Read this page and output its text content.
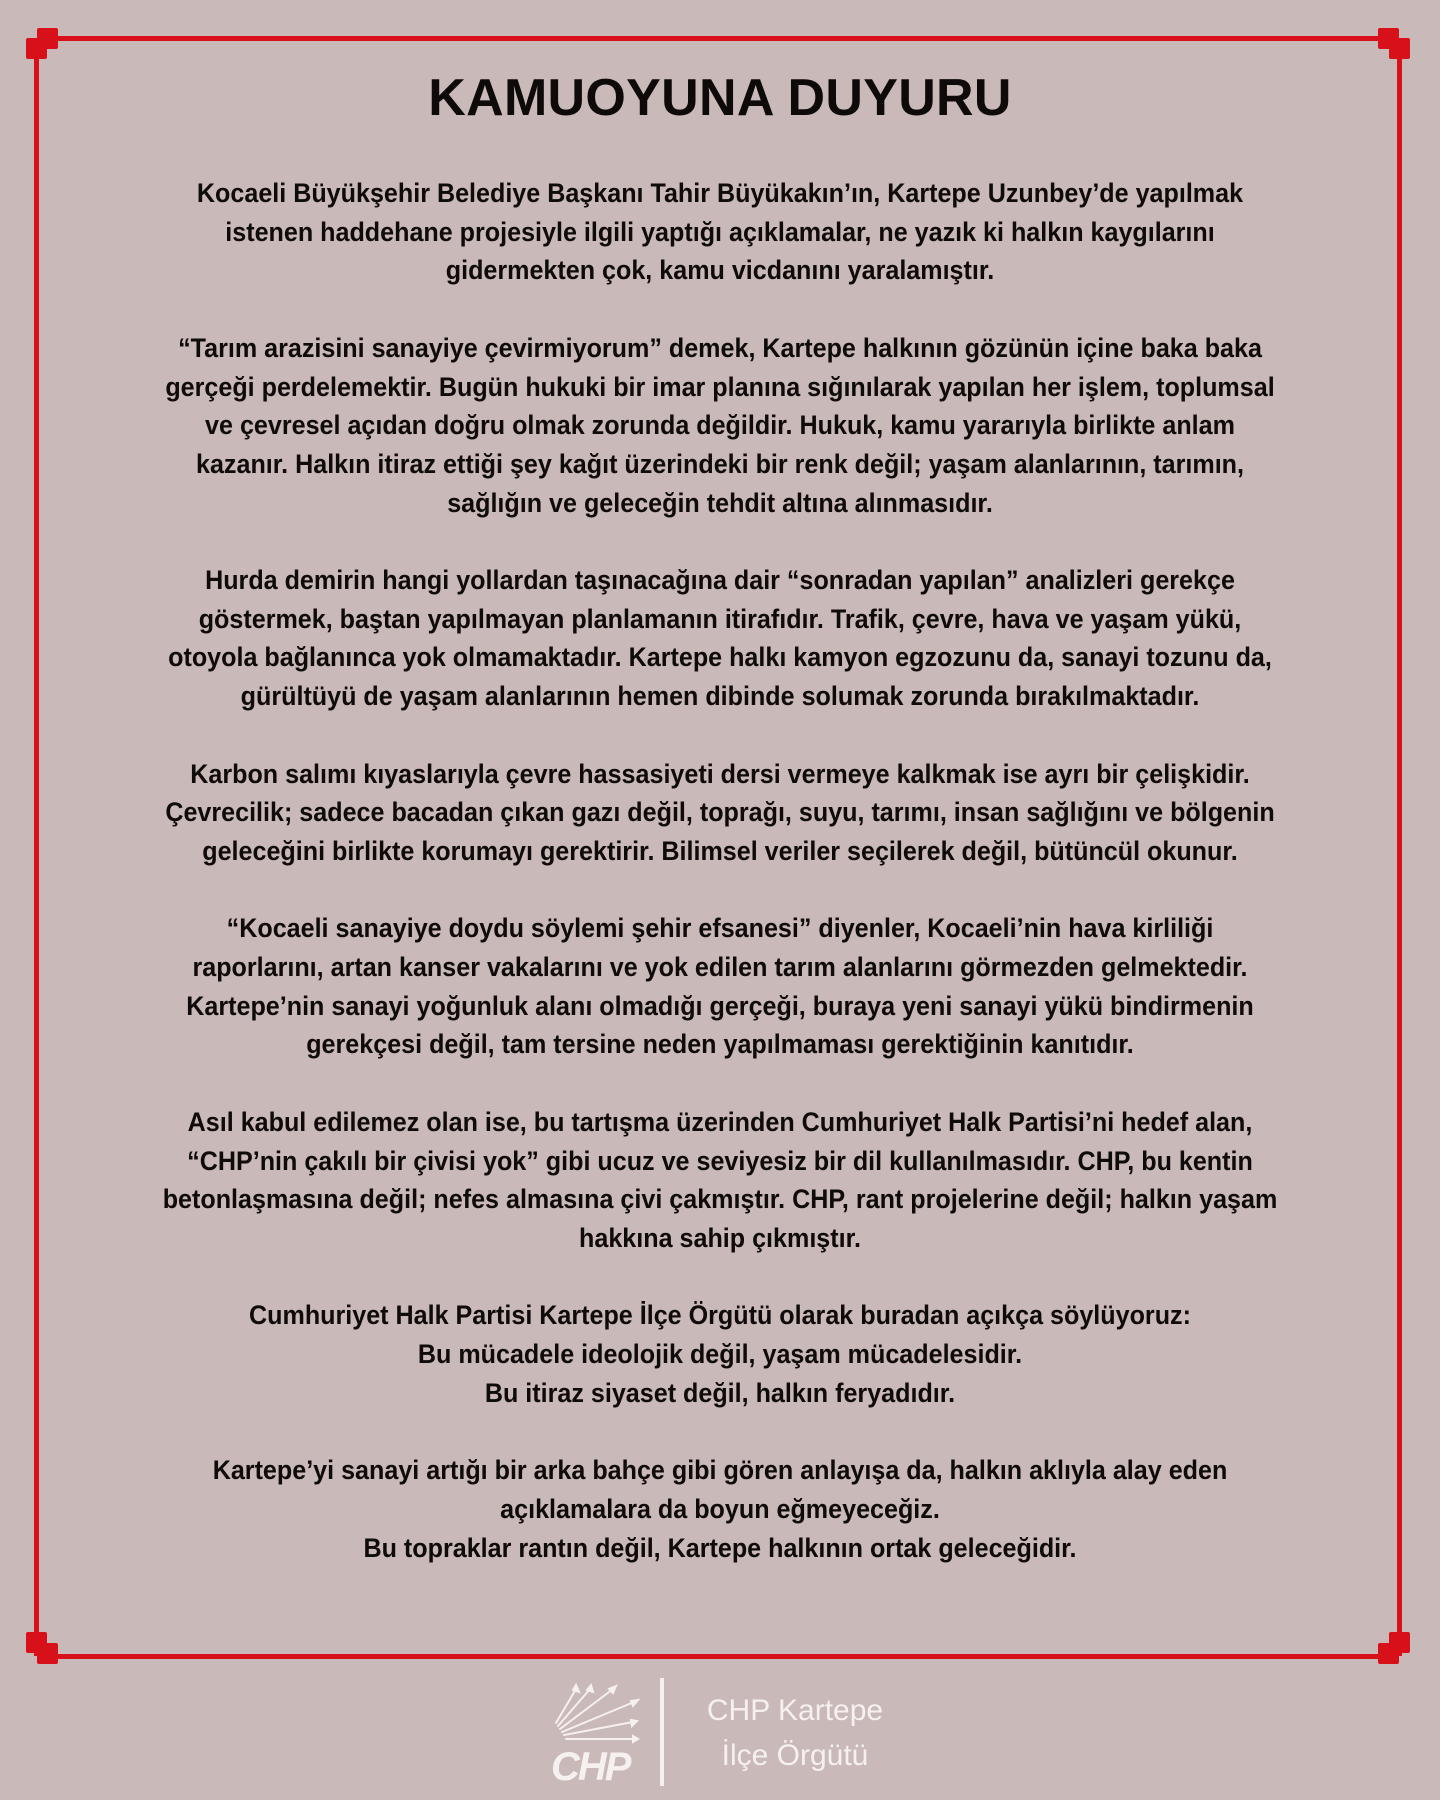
KAMUOYUNA DUYURU
Kocaeli Büyükşehir Belediye Başkanı Tahir Büyükakın’ın, Kartepe Uzunbey’de yapılmak
istenen haddehane projesiyle ilgili yaptığı açıklamalar, ne yazık ki halkın kaygılarını
gidermekten çok, kamu vicdanını yaralamıştır.
“Tarım arazisini sanayiye çevirmiyorum” demek, Kartepe halkının gözünün içine baka baka
gerçeği perdelemektir. Bugün hukuki bir imar planına sığınılarak yapılan her işlem, toplumsal
ve çevresel açıdan doğru olmak zorunda değildir. Hukuk, kamu yararıyla birlikte anlam
kazanır. Halkın itiraz ettiği şey kağıt üzerindeki bir renk değil; yaşam alanlarının, tarımın,
sağlığın ve geleceğin tehdit altına alınmasıdır.
Hurda demirin hangi yollardan taşınacağına dair “sonradan yapılan” analizleri gerekçe
göstermek, baştan yapılmayan planlamanın itirafıdır. Trafik, çevre, hava ve yaşam yükü,
otoyola bağlanınca yok olmamaktadır. Kartepe halkı kamyon egzozunu da, sanayi tozunu da,
gürültüyü de yaşam alanlarının hemen dibinde solumak zorunda bırakılmaktadır.
Karbon salımı kıyaslarıyla çevre hassasiyeti dersi vermeye kalkmak ise ayrı bir çelişkidir.
Çevrecilik; sadece bacadan çıkan gazı değil, toprağı, suyu, tarımı, insan sağlığını ve bölgenin
geleceğini birlikte korumayı gerektirir. Bilimsel veriler seçilerek değil, bütüncül okunur.
“Kocaeli sanayiye doydu söylemi şehir efsanesi” diyenler, Kocaeli’nin hava kirliliği
raporlarını, artan kanser vakalarını ve yok edilen tarım alanlarını görmezden gelmektedir.
Kartepe’nin sanayi yoğunluk alanı olmadığı gerçeği, buraya yeni sanayi yükü bindirmenin
gerekçesi değil, tam tersine neden yapılmaması gerektiğinin kanıtıdır.
Asıl kabul edilemez olan ise, bu tartışma üzerinden Cumhuriyet Halk Partisi’ni hedef alan,
“CHP’nin çakılı bir çivisi yok” gibi ucuz ve seviyesiz bir dil kullanılmasıdır. CHP, bu kentin
betonlaşmasına değil; nefes almasına çivi çakmıştır. CHP, rant projelerine değil; halkın yaşam
hakkına sahip çıkmıştır.
Cumhuriyet Halk Partisi Kartepe İlçe Örgütü olarak buradan açıkça söylüyoruz:
Bu mücadele ideolojik değil, yaşam mücadelesidir.
Bu itiraz siyaset değil, halkın feryadıdır.
Kartepe’yi sanayi artığı bir arka bahçe gibi gören anlayışa da, halkın aklıyla alay eden
açıklamalara da boyun eğmeyeceğiz.
Bu topraklar rantın değil, Kartepe halkının ortak geleceğidir.
CHP
CHP Kartepe
İlçe Örgütü
